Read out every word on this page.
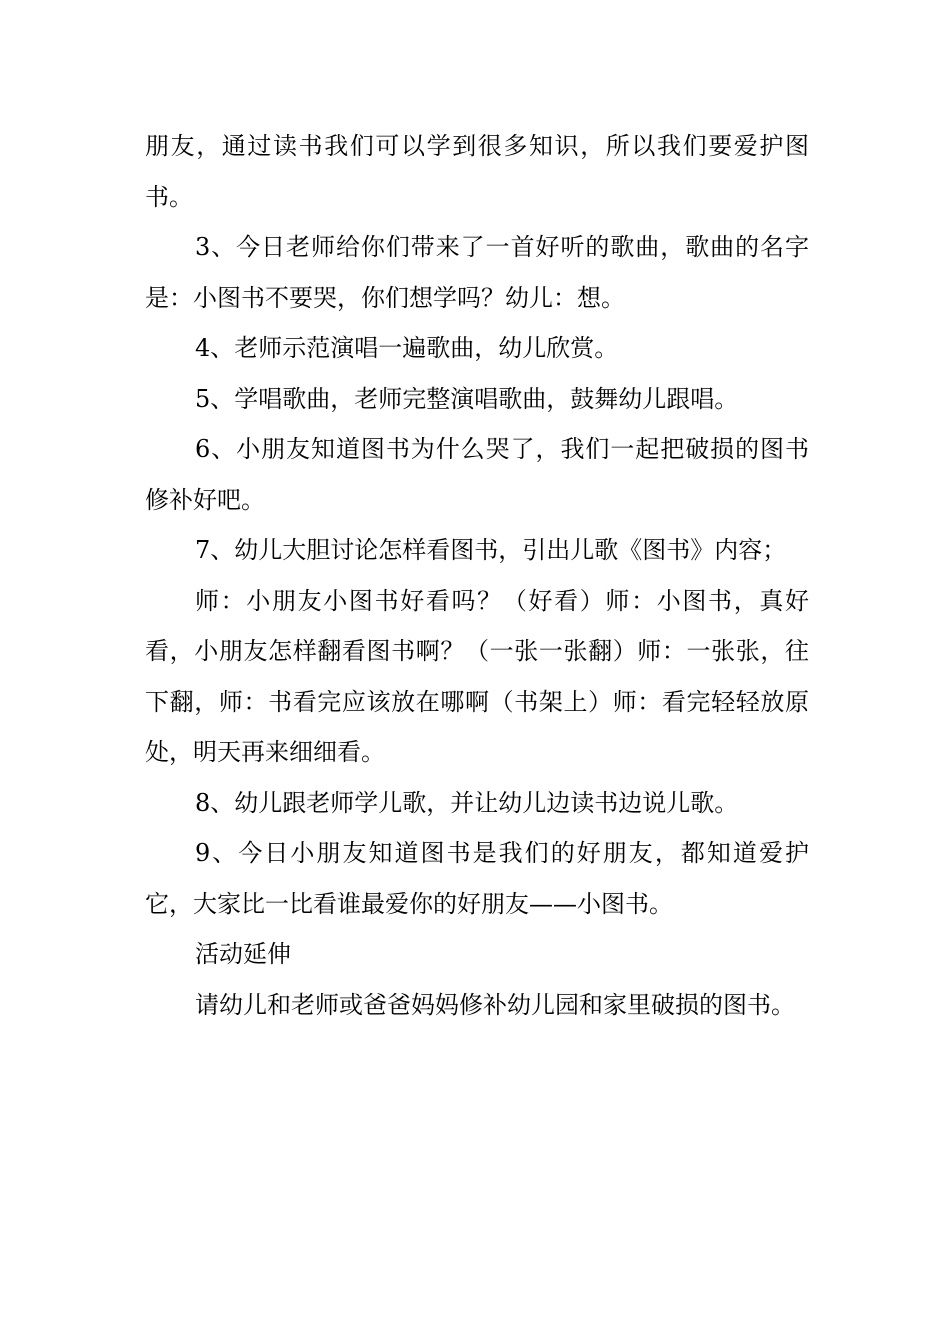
朋友，通过读书我们可以学到很多知识，所以我们要爱护图书。

3、今日老师给你们带来了一首好听的歌曲，歌曲的名字是：小图书不要哭，你们想学吗？幼儿：想。

4、老师示范演唱一遍歌曲，幼儿欣赏。

5、学唱歌曲，老师完整演唱歌曲，鼓舞幼儿跟唱。

6、小朋友知道图书为什么哭了，我们一起把破损的图书修补好吧。

7、幼儿大胆讨论怎样看图书，引出儿歌《图书》内容；

师：小朋友小图书好看吗？（好看）师：小图书，真好看，小朋友怎样翻看图书啊？（一张一张翻）师：一张张，往下翻，师：书看完应该放在哪啊（书架上）师：看完轻轻放原处，明天再来细细看。

8、幼儿跟老师学儿歌，并让幼儿边读书边说儿歌。

9、今日小朋友知道图书是我们的好朋友，都知道爱护它，大家比一比看谁最爱你的好朋友——小图书。

活动延伸

请幼儿和老师或爸爸妈妈修补幼儿园和家里破损的图书。
